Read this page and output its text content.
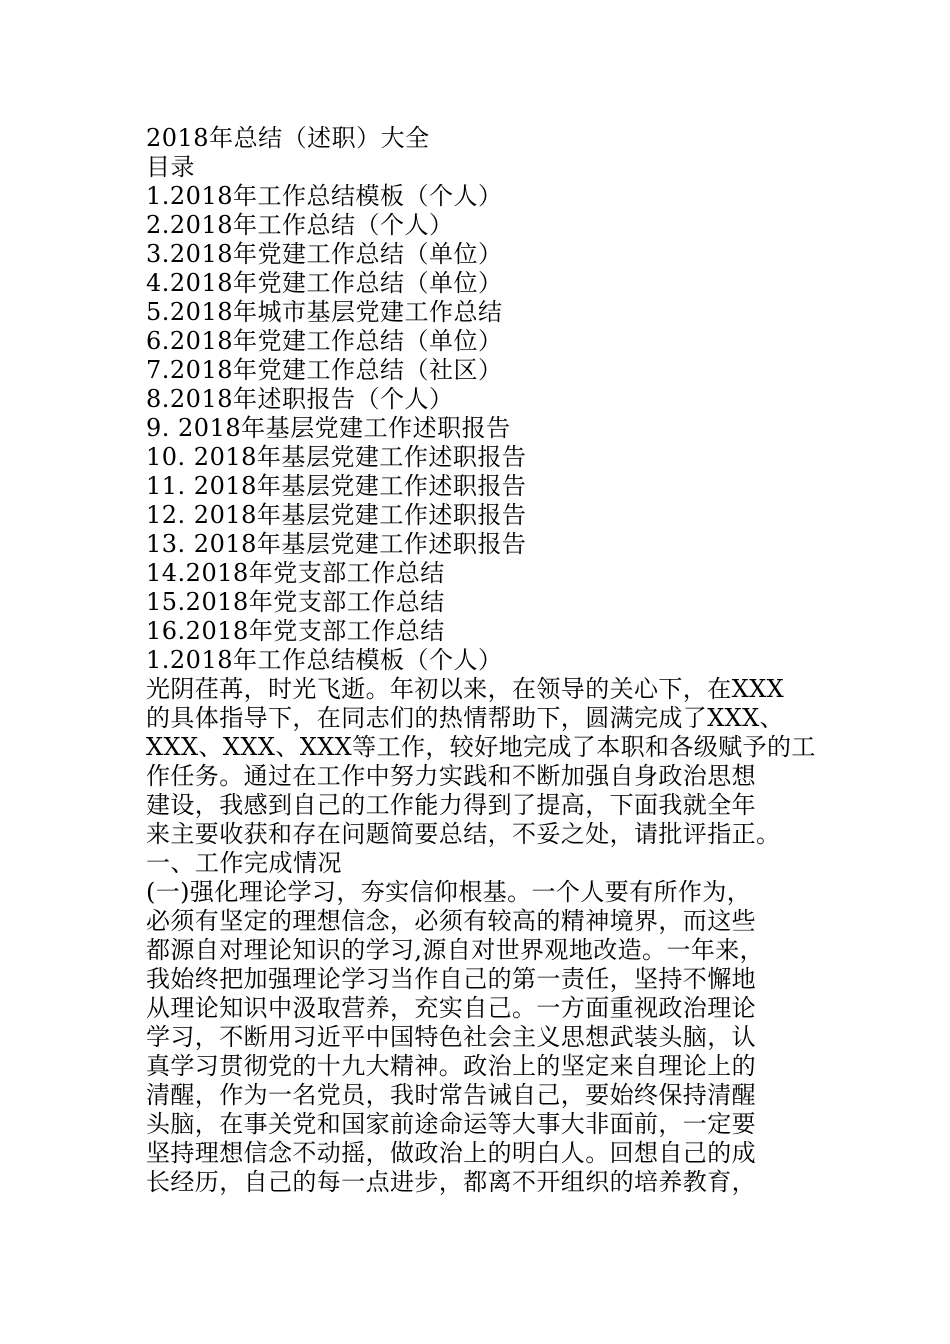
2018年总结（述职）大全
目录
1.2018年工作总结模板（个人）
2.2018年工作总结（个人）
3.2018年党建工作总结（单位）
4.2018年党建工作总结（单位）
5.2018年城市基层党建工作总结
6.2018年党建工作总结（单位）
7.2018年党建工作总结（社区）
8.2018年述职报告（个人）
9. 2018年基层党建工作述职报告
10. 2018年基层党建工作述职报告
11. 2018年基层党建工作述职报告
12. 2018年基层党建工作述职报告
13. 2018年基层党建工作述职报告
14.2018年党支部工作总结
15.2018年党支部工作总结
16.2018年党支部工作总结
1.2018年工作总结模板（个人）
光阴荏苒，时光飞逝。年初以来，在领导的关心下，在XXX
的具体指导下，在同志们的热情帮助下，圆满完成了XXX、
XXX、XXX、XXX等工作，较好地完成了本职和各级赋予的工
作任务。通过在工作中努力实践和不断加强自身政治思想
建设，我感到自己的工作能力得到了提高，下面我就全年
来主要收获和存在问题简要总结，不妥之处，请批评指正。
一、工作完成情况
(一)强化理论学习，夯实信仰根基。一个人要有所作为，
必须有坚定的理想信念，必须有较高的精神境界，而这些
都源自对理论知识的学习,源自对世界观地改造。一年来，
我始终把加强理论学习当作自己的第一责任，坚持不懈地
从理论知识中汲取营养，充实自己。一方面重视政治理论
学习，不断用习近平中国特色社会主义思想武装头脑，认
真学习贯彻党的十九大精神。政治上的坚定来自理论上的
清醒，作为一名党员，我时常告诫自己，要始终保持清醒
头脑，在事关党和国家前途命运等大事大非面前，一定要
坚持理想信念不动摇，做政治上的明白人。回想自己的成
长经历，自己的每一点进步，都离不开组织的培养教育，
